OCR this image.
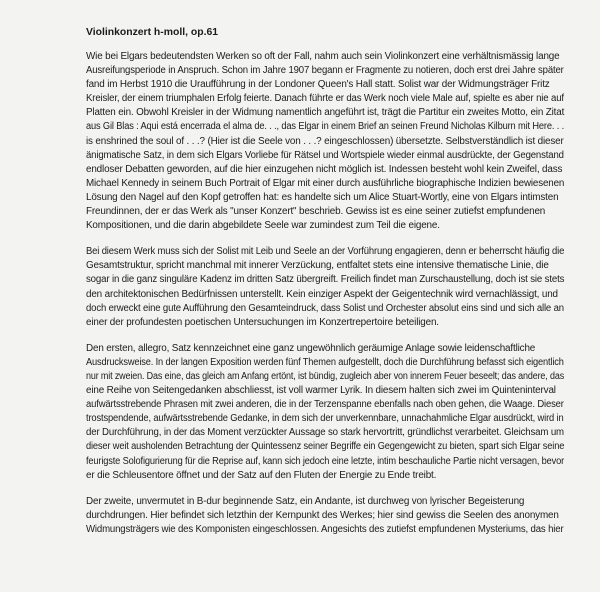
Violinkonzert h-moll, op.61

Wie bei Elgars bedeutendsten Werken so oft der Fall, nahm auch sein Violinkonzert eine verhältnismässig lange
Ausreifungsperiode in Anspruch. Schon im Jahre 1907 begann er Fragmente zu notieren, doch erst drei Jahre später
fand im Herbst 1910 die Uraufführung in der Londoner Queen's Hall statt. Solist war der Widmungsträger Fritz
Kreisler, der einem triumphalen Erfolg feierte. Danach führte er das Werk noch viele Male auf, spielte es aber nie auf
Platten ein. Obwohl Kreisler in der Widmung namentlich angeführt ist, trägt die Partitur ein zweites Motto, ein Zitat
aus Gil Blas : Aqui está encerrada el alma de. . ., das Elgar in einem Brief an seinen Freund Nicholas Kilburn mit Here. . .
is enshrined the soul of . . .? (Hier ist die Seele von . . .? eingeschlossen) übersetzte. Selbstverständlich ist dieser
änigmatische Satz, in dem sich Elgars Vorliebe für Rätsel und Wortspiele wieder einmal ausdrückte, der Gegenstand
endloser Debatten geworden, auf die hier einzugehen nicht möglich ist. Indessen besteht wohl kein Zweifel, dass
Michael Kennedy in seinem Buch Portrait of Elgar mit einer durch ausführliche biographische Indizien bewiesenen
Lösung den Nagel auf den Kopf getroffen hat: es handelte sich um Alice Stuart-Wortly, eine von Elgars intimsten
Freundinnen, der er das Werk als "unser Konzert" beschrieb. Gewiss ist es eine seiner zutiefst empfundenen
Kompositionen, und die darin abgebildete Seele war zumindest zum Teil die eigene.

Bei diesem Werk muss sich der Solist mit Leib und Seele an der Vorführung engagieren, denn er beherrscht häufig die
Gesamtstruktur, spricht manchmal mit innerer Verzückung, entfaltet stets eine intensive thematische Linie, die
sogar in die ganz singuläre Kadenz im dritten Satz übergreift. Freilich findet man Zurschaustellung, doch ist sie stets
den architektonischen Bedürfnissen unterstellt. Kein einziger Aspekt der Geigentechnik wird vernachlässigt, und
doch erweckt eine gute Aufführung den Gesamteindruck, dass Solist und Orchester absolut eins sind und sich alle an
einer der profundesten poetischen Untersuchungen im Konzertrepertoire beteiligen.

Den ersten, allegro, Satz kennzeichnet eine ganz ungewöhnlich geräumige Anlage sowie leidenschaftliche
Ausdrucksweise. In der langen Exposition werden fünf Themen aufgestellt, doch die Durchführung befasst sich eigentlich
nur mit zweien. Das eine, das gleich am Anfang ertönt, ist bündig, zugleich aber von innerem Feuer beseelt; das andere, das
eine Reihe von Seitengedanken abschliesst, ist voll warmer Lyrik. In diesem halten sich zwei im Quinteninterval
aufwärtsstrebende Phrasen mit zwei anderen, die in der Terzenspanne ebenfalls nach oben gehen, die Waage. Dieser
trostspendende, aufwärtsstrebende Gedanke, in dem sich der unverkennbare, unnachahmliche Elgar ausdrückt, wird in
der Durchführung, in der das Moment verzückter Aussage so stark hervortritt, gründlichst verarbeitet. Gleichsam um
dieser weit ausholenden Betrachtung der Quintessenz seiner Begriffe ein Gegengewicht zu bieten, spart sich Elgar seine
feurigste Solofigurierung für die Reprise auf, kann sich jedoch eine letzte, intim beschauliche Partie nicht versagen, bevor
er die Schleusentore öffnet und der Satz auf den Fluten der Energie zu Ende treibt.

Der zweite, unvermutet in B-dur beginnende Satz, ein Andante, ist durchweg von lyrischer Begeisterung
durchdrungen. Hier befindet sich letzthin der Kernpunkt des Werkes; hier sind gewiss die Seelen des anonymen
Widmungsträgers wie des Komponisten eingeschlossen. Angesichts des zutiefst empfundenen Mysteriums, das hier
